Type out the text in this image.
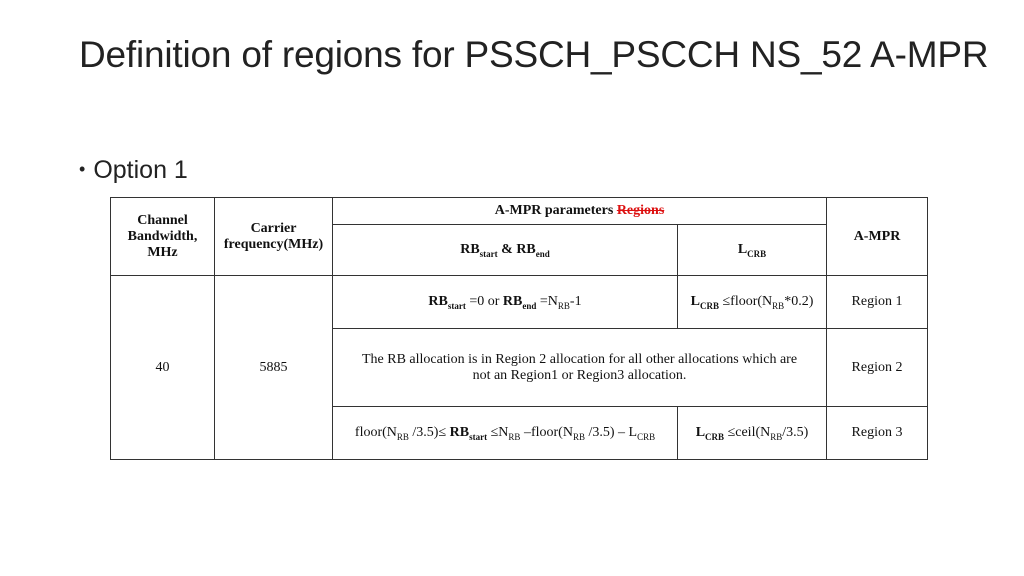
Definition of regions for PSSCH_PSCCH NS_52 A-MPR
• Option 1
Channel
Bandwidth,
MHz	Carrier
frequency(MHz)	A-MPR parameters Regions		A-MPR
		$RB_{start}$ & $RB_{end}$	$L_{CRB}$
40	5885	$RB_{start} =0$ or $RB_{end} =N_{RB}-1$	$L_{CRB}$ $\le floor(N_{RB}*0.2)$	Region 1
		The RB allocation is in Region 2 allocation for all other allocations which are
not an Region1 or Region3 allocation.		Region 2
		$floor(N_{RB}$ $/3.5)\le RB_{start} \le N_{RB}$ $-floor(N_{RB}$ $/3.5) - L_{CRB}$	$L_{CRB}$ $\le ceil(N_{RB}/3.5)$	Region 3
